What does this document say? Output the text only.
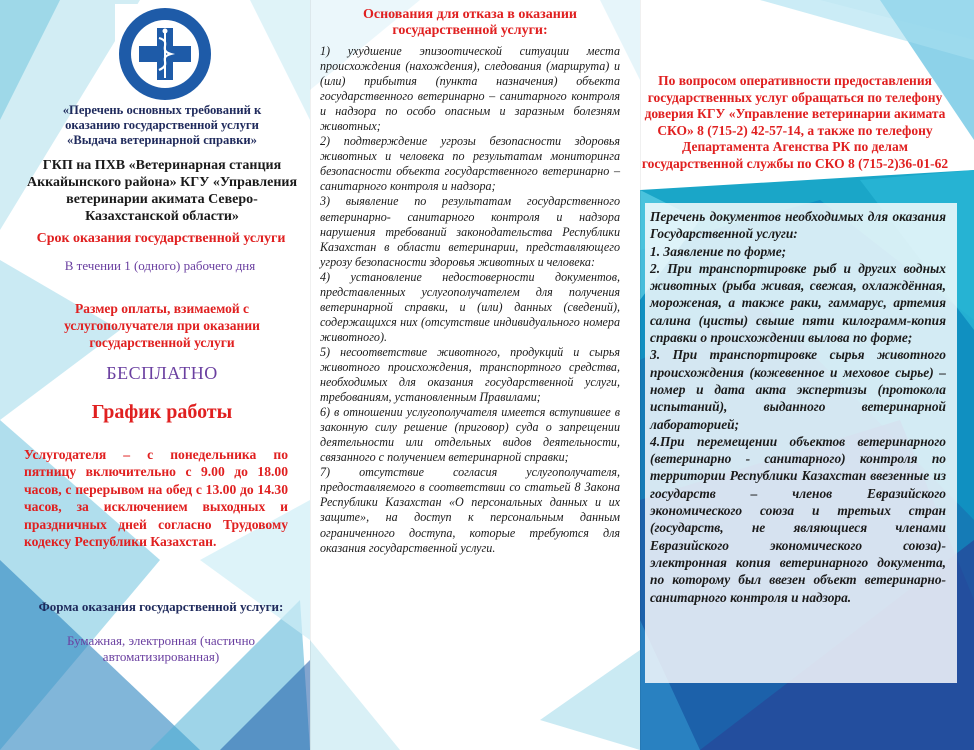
«Перечень основных требований к оказанию государственной услуги «Выдача ветеринарной справки»
ГКП на ПХВ «Ветеринарная станция Аккайынского района» КГУ «Управления ветеринарии акимата Северо-Казахстанской области»
Срок оказания государственной услуги
В течении 1 (одного) рабочего дня
Размер оплаты, взимаемой с услугополучателя при оказании государственной услуги
БЕСПЛАТНО
График работы
Услугодателя – с понедельника по пятницу включительно с 9.00 до 18.00 часов, с перерывом на обед с 13.00 до 14.30 часов, за исключением выходных и праздничных дней согласно Трудовому кодексу Республики Казахстан.
Форма оказания государственной услуги:
Бумажная, электронная (частично автоматизированная)
Основания для отказа в оказании государственной услуги:

1) ухудшение эпизоотической ситуации места происхождения (нахождения), следования (маршрута) и (или) прибытия (пункта назначения) объекта государственного ветеринарно – санитарного контроля и надзора по особо опасным и заразным болезням животных;

2) подтверждение угрозы безопасности здоровья животных и человека по результатам мониторинга безопасности объекта государственного ветеринарно –санитарного контроля и надзора;

3) выявление по результатам государственного ветеринарно- санитарного контроля и надзора нарушения требований законодательства Республики Казахстан в области ветеринарии, представляющего угрозу безопасности здоровья животных и человека:

4) установление недостоверности документов, представленных услугополучателем для получения ветеринарной справки, и (или) данных (сведений), содержащихся них (отсутствие индивидуального номера животного).

5) несоответствие животного, продукций и сырья животного происхождения, транспортного средства, необходимых для оказания государственной услуги, требованиям, установленным Правилами;

6) в отношении услугополучателя имеется вступившее в законную силу решение (приговор) суда о запрещении деятельности или отдельных видов деятельности, связанного с получением ветеринарной справки;

7) отсутствие согласия услугополучателя, предоставляемого в соответствии со статьей 8 Закона Республики Казахстан «О персональных данных и их защите», на доступ к персональным данным ограниченного доступа, которые требуются для оказания государственной услуги.

По вопросом оперативности предоставления государственных услуг обращаться по телефону доверия КГУ «Управление ветеринарии акимата СКО» 8 (715-2) 42-57-14, а также по телефону Департамента Агенства РК по делам государственной службы по СКО 8 (715-2)36-01-62

Перечень документов необходимых для оказания Государственной услуги:

1. Заявление по форме;

2. При транспортировке рыб и других водных животных (рыба живая, свежая, охлаждённая, мороженая, а также раки, гаммарус, артемия салина (цисты) свыше пяти килограмм-копия справки о происхождении вылова по форме;

3. При транспортировке сырья животного происхождения (кожевенное и меховое сырье) – номер и дата акта экспертизы (протокола испытаний), выданного ветеринарной лабораторией;

4.При перемещении объектов ветеринарного (ветеринарно - санитарного) контроля по территории Республики Казахстан ввезенные из государств – членов Евразийского экономического союза и третьих стран (государств, не являющиеся членами Евразийского экономического союза)- электронная копия ветеринарного документа, по которому был ввезен объект ветеринарно- санитарного контроля и надзора.
